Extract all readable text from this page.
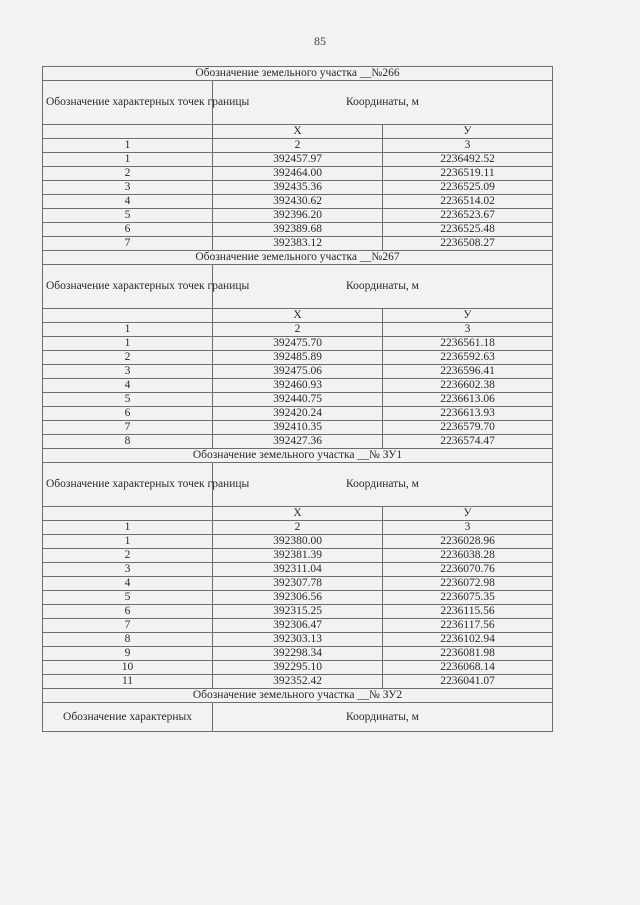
85
Обозначение земельного участка __№266		
Обозначение характерных точек границы	Координаты, м	
	Х	У
1	2	3
1	392457.97	2236492.52
2	392464.00	2236519.11
3	392435.36	2236525.09
4	392430.62	2236514.02
5	392396.20	2236523.67
6	392389.68	2236525.48
7	392383.12	2236508.27
Обозначение земельного участка __№267		
Обозначение характерных точек границы	Координаты, м	
	Х	У
1	2	3
1	392475.70	2236561.18
2	392485.89	2236592.63
3	392475.06	2236596.41
4	392460.93	2236602.38
5	392440.75	2236613.06
6	392420.24	2236613.93
7	392410.35	2236579.70
8	392427.36	2236574.47
Обозначение земельного участка __№ ЗУ1		
Обозначение характерных точек границы	Координаты, м	
	Х	У
1	2	3
1	392380.00	2236028.96
2	392381.39	2236038.28
3	392311.04	2236070.76
4	392307.78	2236072.98
5	392306.56	2236075.35
6	392315.25	2236115.56
7	392306.47	2236117.56
8	392303.13	2236102.94
9	392298.34	2236081.98
10	392295.10	2236068.14
11	392352.42	2236041.07
Обозначение земельного участка __№ ЗУ2		
Обозначение характерных	Координаты, м	
